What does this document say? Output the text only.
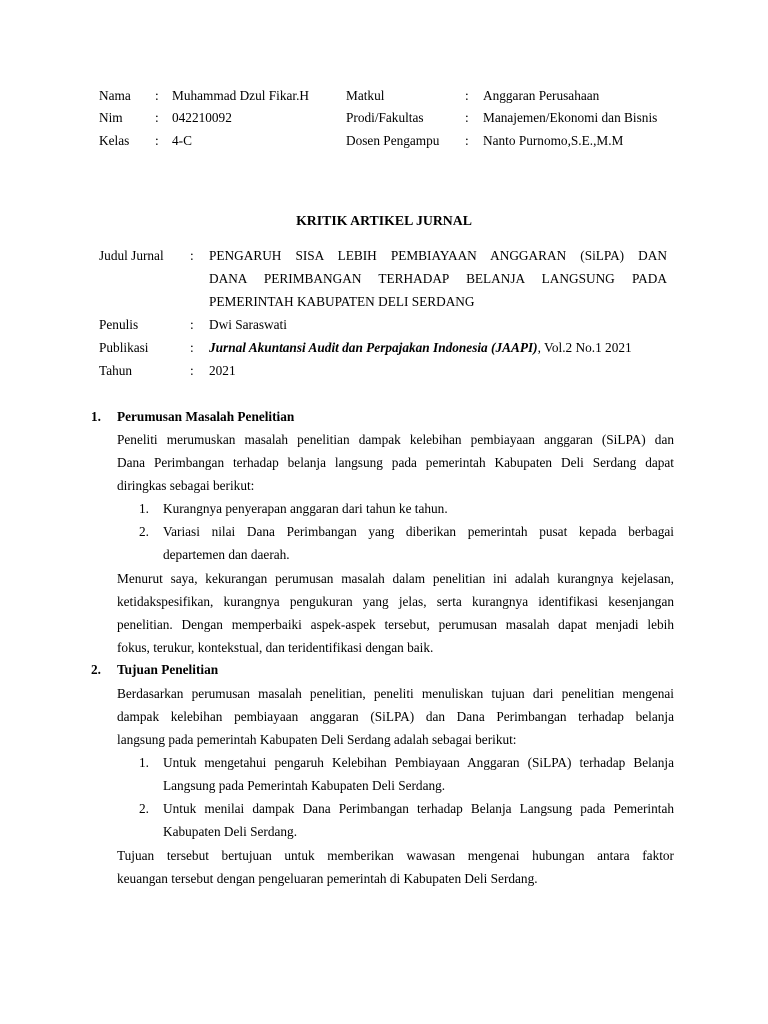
Nama : Muhammad Dzul Fikar.H	Matkul	: Anggaran Perusahaan
Nim : 042210092	Prodi/Fakultas	: Manajemen/Ekonomi dan Bisnis
Kelas : 4-C	Dosen Pengampu : Nanto Purnomo,S.E.,M.M
KRITIK ARTIKEL JURNAL
Judul Jurnal : PENGARUH SISA LEBIH PEMBIAYAAN ANGGARAN (SiLPA) DAN
DANA PERIMBANGAN TERHADAP BELANJA LANGSUNG PADA
PEMERINTAH KABUPATEN DELI SERDANG
Penulis	: Dwi Saraswati
Publikasi	: Jurnal Akuntansi Audit dan Perpajakan Indonesia (JAAPI), Vol.2 No.1 2021
Tahun	: 2021
1. Perumusan Masalah Penelitian
Peneliti merumuskan masalah penelitian dampak kelebihan pembiayaan anggaran (SiLPA) dan
Dana Perimbangan terhadap belanja langsung pada pemerintah Kabupaten Deli Serdang dapat
diringkas sebagai berikut:
1. Kurangnya penyerapan anggaran dari tahun ke tahun.
2. Variasi nilai Dana Perimbangan yang diberikan pemerintah pusat kepada berbagai
departemen dan daerah.
Menurut saya, kekurangan perumusan masalah dalam penelitian ini adalah kurangnya kejelasan,
ketidakspesifikan, kurangnya pengukuran yang jelas, serta kurangnya identifikasi kesenjangan
penelitian. Dengan memperbaiki aspek-aspek tersebut, perumusan masalah dapat menjadi lebih
fokus, terukur, kontekstual, dan teridentifikasi dengan baik.
2. Tujuan Penelitian
Berdasarkan perumusan masalah penelitian, peneliti menuliskan tujuan dari penelitian mengenai
dampak kelebihan pembiayaan anggaran (SiLPA) dan Dana Perimbangan terhadap belanja
langsung pada pemerintah Kabupaten Deli Serdang adalah sebagai berikut:
1. Untuk mengetahui pengaruh Kelebihan Pembiayaan Anggaran (SiLPA) terhadap Belanja
Langsung pada Pemerintah Kabupaten Deli Serdang.
2. Untuk menilai dampak Dana Perimbangan terhadap Belanja Langsung pada Pemerintah
Kabupaten Deli Serdang.
Tujuan tersebut bertujuan untuk memberikan wawasan mengenai hubungan antara faktor
keuangan tersebut dengan pengeluaran pemerintah di Kabupaten Deli Serdang.
